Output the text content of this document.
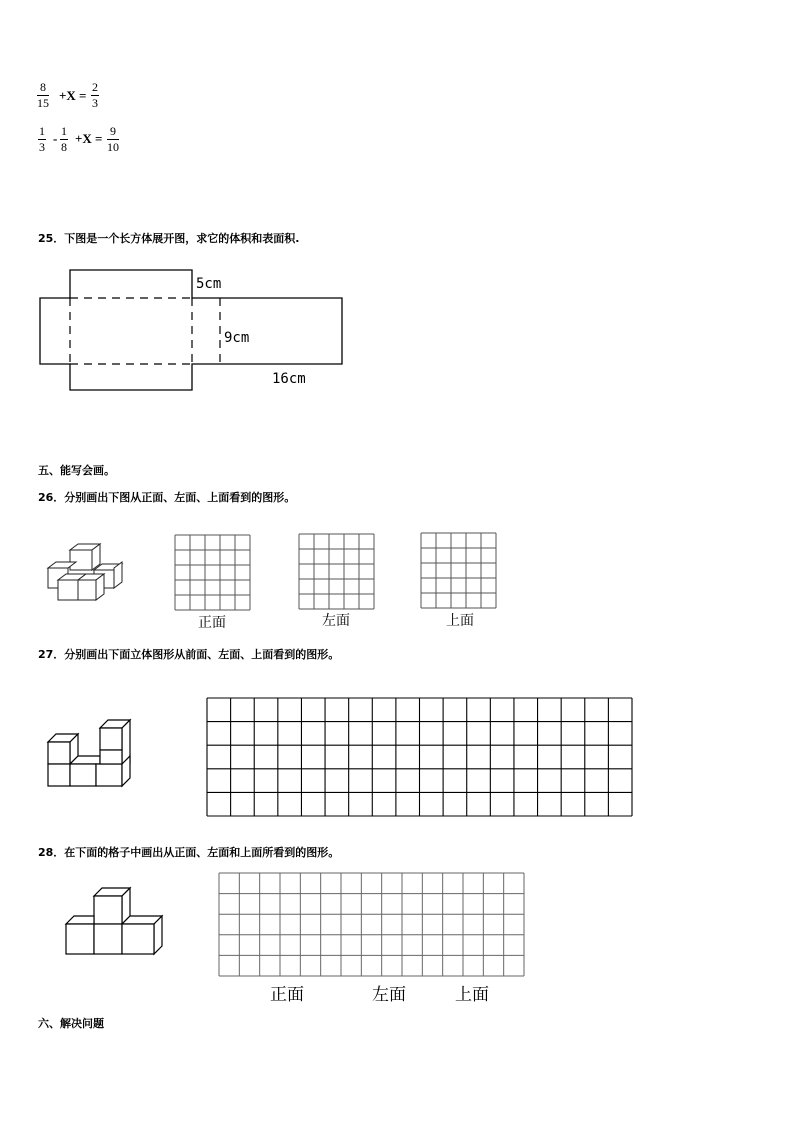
$\frac{8}{15} +X = \frac{2}{3}$
$\frac{1}{3} - \frac{1}{8} +X = \frac{9}{10}$
25．下图是一个长方体展开图，求它的体积和表面积.
5cm
9cm
16cm
五、能写会画。
26．分别画出下图从正面、左面、上面看到的图形。
正面	左面	上面
27．分别画出下面立体图形从前面、左面、上面看到的图形。
28．在下面的格子中画出从正面、左面和上面所看到的图形。
正面	左面	上面
六、解决问题
